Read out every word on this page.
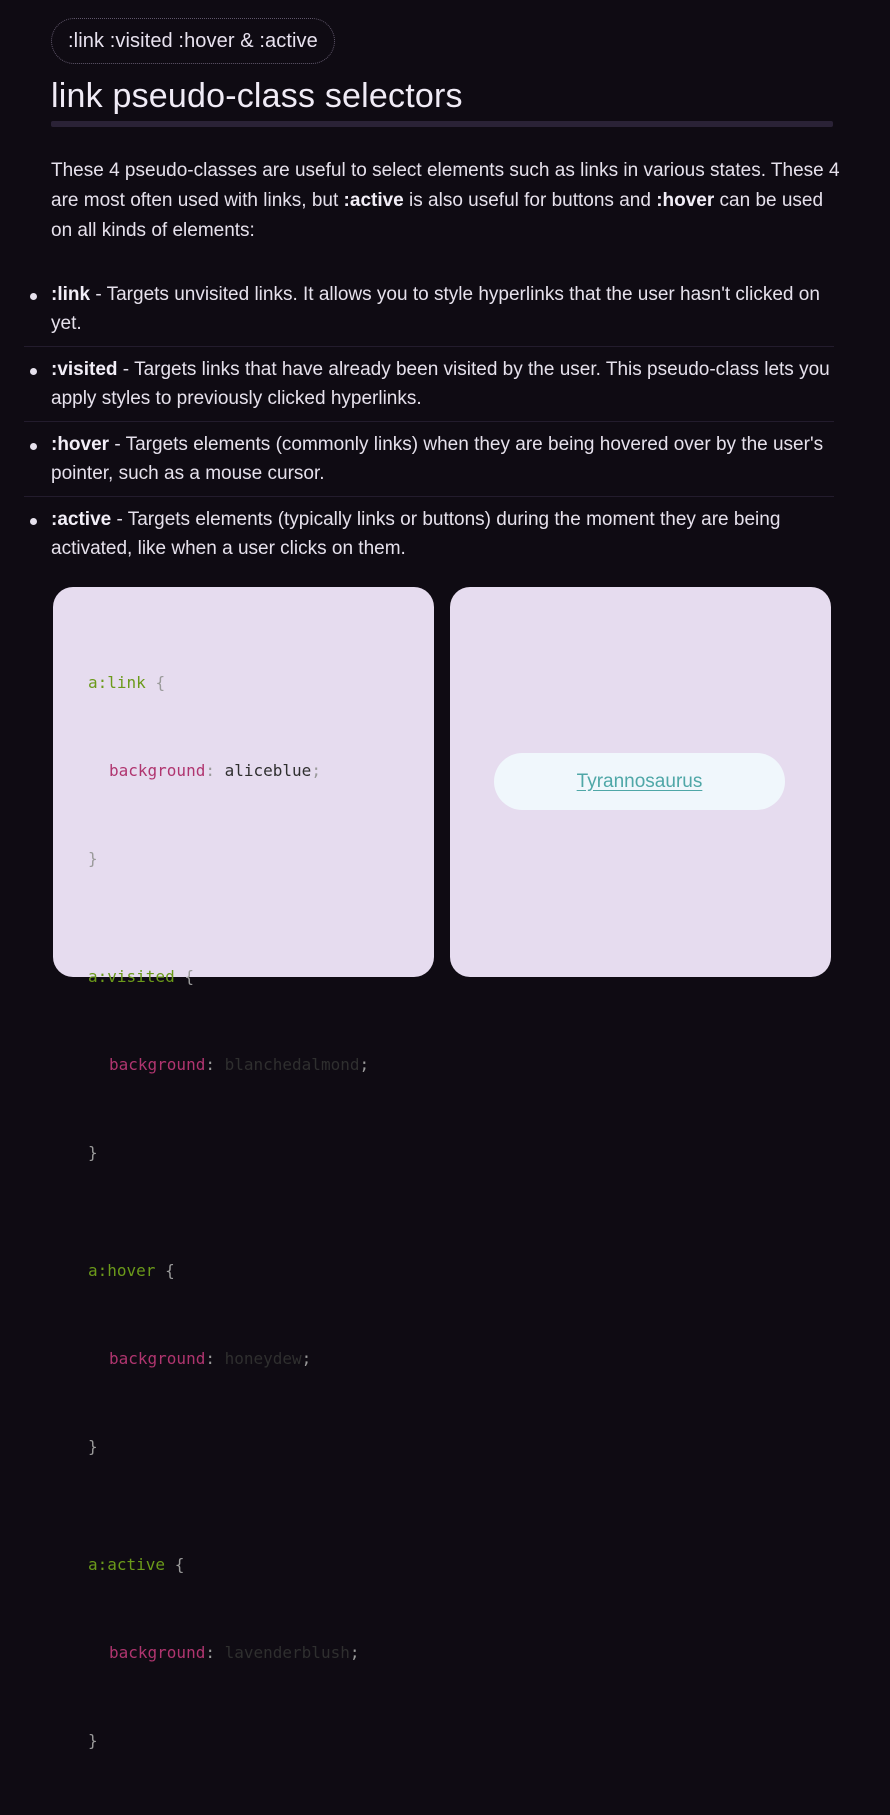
:link :visited :hover & :active
link pseudo-class selectors

These 4 pseudo-classes are useful to select elements such as links in various states. These 4 are most often used with links, but :active is also useful for buttons and :hover can be used on all kinds of elements:

:link - Targets unvisited links. It allows you to style hyperlinks that the user hasn't clicked on yet.
:visited - Targets links that have already been visited by the user. This pseudo-class lets you apply styles to previously clicked hyperlinks.
:hover - Targets elements (commonly links) when they are being hovered over by the user's pointer, such as a mouse cursor.
:active - Targets elements (typically links or buttons) during the moment they are being activated, like when a user clicks on them.

a:link {

background: aliceblue;

}

a:visited {

background: blanchedalmond;

}

a:hover {

background: honeydew;

}

a:active {

background: lavenderblush;

}

Tyrannosaurus
